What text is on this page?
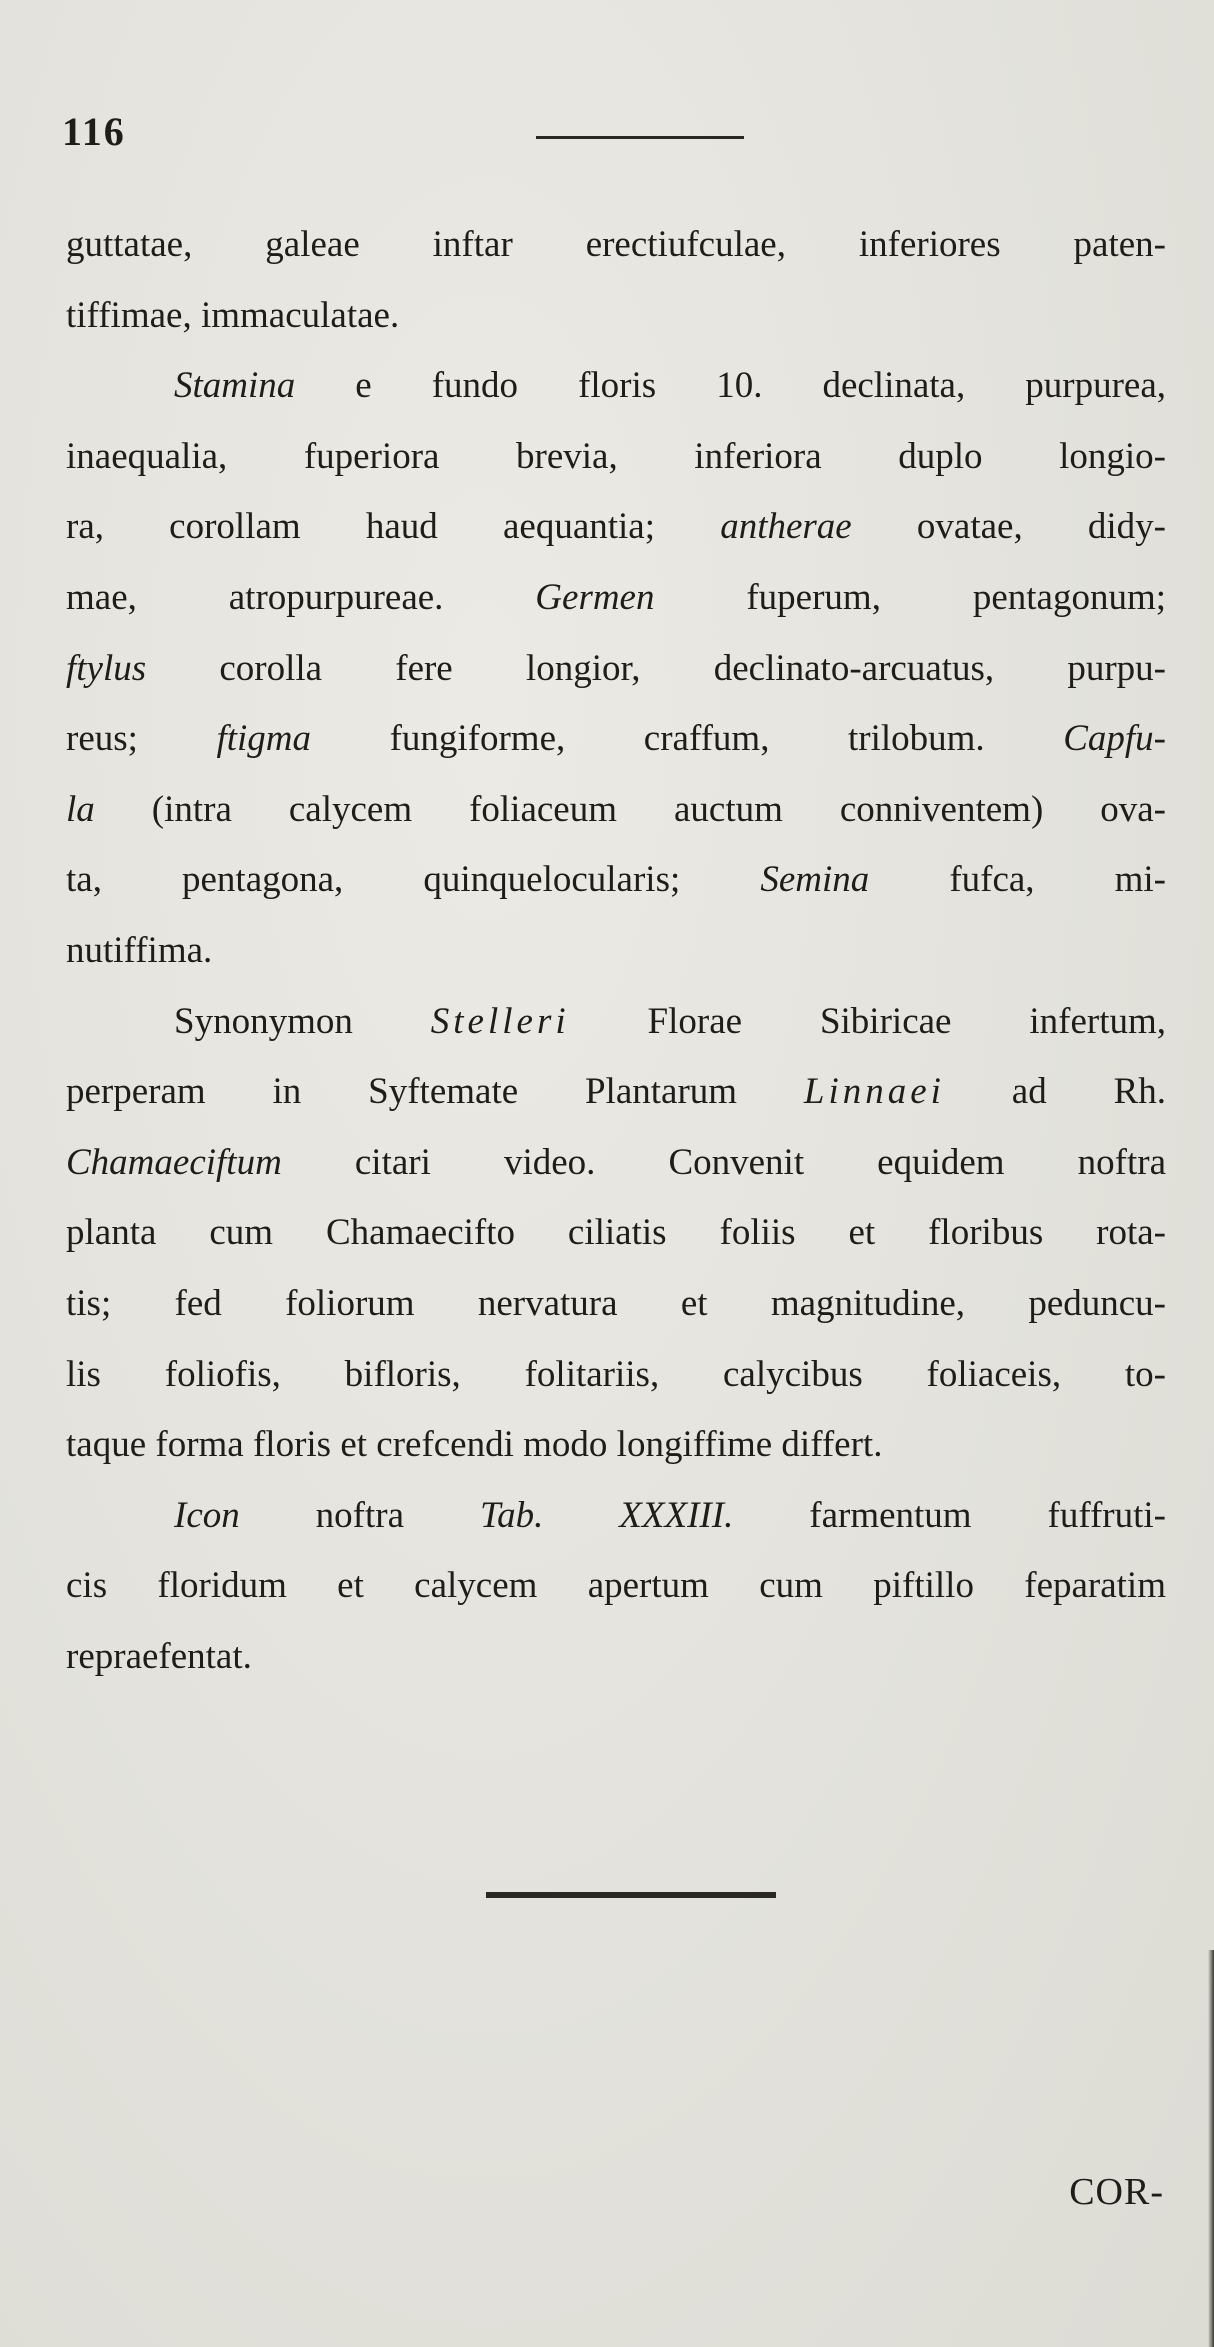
116
guttatae, galeae inftar erectiufculae, inferiores paten-
tiffimae, immaculatae.
Stamina e fundo floris 10. declinata, purpurea,
inaequalia, fuperiora brevia, inferiora duplo longio-
ra, corollam haud aequantia; antherae ovatae, didy-
mae, atropurpureae. Germen fuperum, pentagonum;
ftylus corolla fere longior, declinato-arcuatus, purpu-
reus; ftigma fungiforme, craffum, trilobum. Capfu-
la (intra calycem foliaceum auctum conniventem) ova-
ta, pentagona, quinquelocularis; Semina fufca, mi-
nutiffima.
Synonymon Stelleri Florae Sibiricae infertum,
perperam in Syftemate Plantarum Linnaei ad Rh.
Chamaeciftum citari video. Convenit equidem noftra
planta cum Chamaecifto ciliatis foliis et floribus rota-
tis; fed foliorum nervatura et magnitudine, peduncu-
lis foliofis, bifloris, folitariis, calycibus foliaceis, to-
taque forma floris et crefcendi modo longiffime differt.
Icon noftra Tab. XXXIII. farmentum fuffruti-
cis floridum et calycem apertum cum piftillo feparatim
repraefentat.
COR-
